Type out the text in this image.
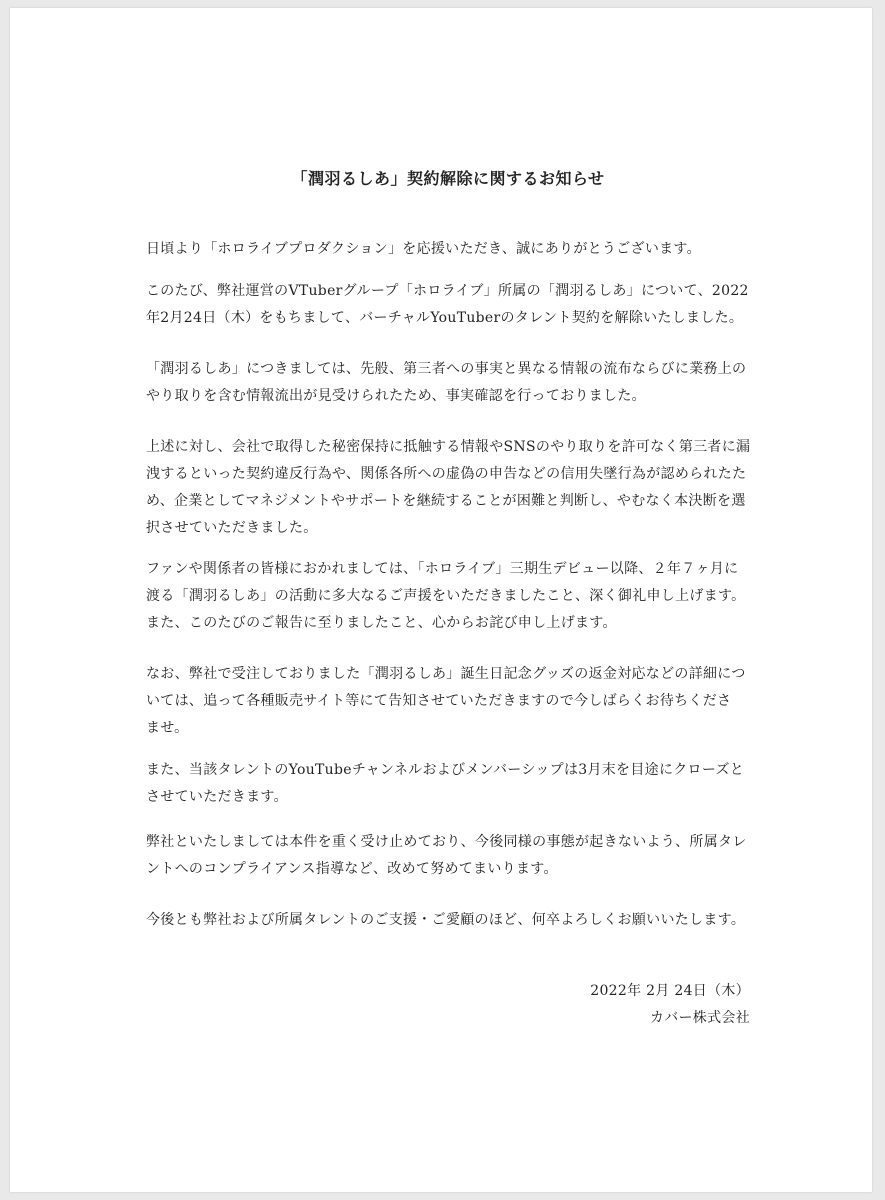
「潤羽るしあ」契約解除に関するお知らせ
日頃より「ホロライブプロダクション」を応援いただき、誠にありがとうございます。
このたび、弊社運営のVTuberグループ「ホロライブ」所属の「潤羽るしあ」について、2022
年2月24日（木）をもちまして、バーチャルYouTuberのタレント契約を解除いたしました。
「潤羽るしあ」につきましては、先般、第三者への事実と異なる情報の流布ならびに業務上の
やり取りを含む情報流出が見受けられたため、事実確認を行っておりました。
上述に対し、会社で取得した秘密保持に抵触する情報やSNSのやり取りを許可なく第三者に漏
洩するといった契約違反行為や、関係各所への虚偽の申告などの信用失墜行為が認められたた
め、企業としてマネジメントやサポートを継続することが困難と判断し、やむなく本決断を選
択させていただきました。
ファンや関係者の皆様におかれましては、「ホロライブ」三期生デビュー以降、２年７ヶ月に
渡る「潤羽るしあ」の活動に多大なるご声援をいただきましたこと、深く御礼申し上げます。
また、このたびのご報告に至りましたこと、心からお詫び申し上げます。
なお、弊社で受注しておりました「潤羽るしあ」誕生日記念グッズの返金対応などの詳細につ
いては、追って各種販売サイト等にて告知させていただきますので今しばらくお待ちくださ
ませ。
また、当該タレントのYouTubeチャンネルおよびメンバーシップは3月末を目途にクローズと
させていただきます。
弊社といたしましては本件を重く受け止めており、今後同様の事態が起きないよう、所属タレ
ントへのコンプライアンス指導など、改めて努めてまいります。
今後とも弊社および所属タレントのご支援・ご愛顧のほど、何卒よろしくお願いいたします。
2022年 2月 24日（木）
カバー株式会社
